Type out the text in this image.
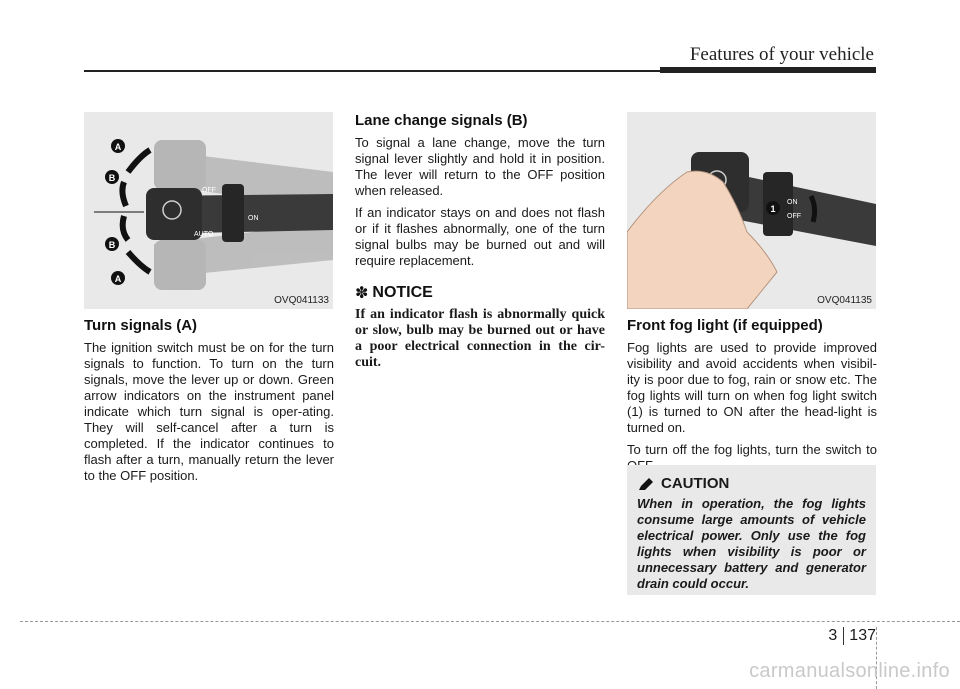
Features of your vehicle
OFF
ON
AUTO
A
B
B
A
OVQ041133
Turn signals (A)

The ignition switch must be on for the turn signals to function. To turn on the turn signals, move the lever up or down. Green arrow indicators on the instrument panel indicate which turn signal is oper-ating. They will self-cancel after a turn is completed. If the indicator continues to flash after a turn, manually return the lever to the OFF position.

Lane change signals (B)

To signal a lane change, move the turn signal lever slightly and hold it in position. The lever will return to the OFF position when released.

If an indicator stays on and does not flash or if it flashes abnormally, one of the turn signal bulbs may be burned out and will require replacement.

✽ NOTICE

If an indicator flash is abnormally quick or slow, bulb may be burned out or have a poor electrical connection in the cir-cuit.

ON
OFF
1
OVQ041135
Front fog light (if equipped)

Fog lights are used to provide improved visibility and avoid accidents when visibil-ity is poor due to fog, rain or snow etc. The fog lights will turn on when fog light switch (1) is turned to ON after the head-light is turned on.

To turn off the fog lights, turn the switch to

CAUTION

When in operation, the fog lights consume large amounts of vehicle electrical power. Only use the fog lights when visibility is poor or unnecessary battery and generator drain could occur.

3 137
carmanualsonline.info
